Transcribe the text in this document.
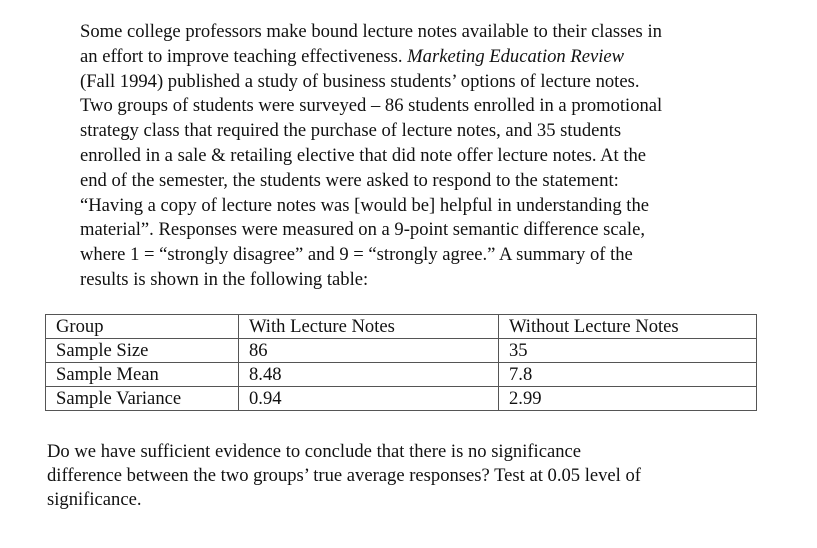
Some college professors make bound lecture notes available to their classes in
an effort to improve teaching effectiveness. Marketing Education Review
(Fall 1994) published a study of business students’ options of lecture notes.
Two groups of students were surveyed – 86 students enrolled in a promotional
strategy class that required the purchase of lecture notes, and 35 students
enrolled in a sale & retailing elective that did note offer lecture notes. At the
end of the semester, the students were asked to respond to the statement:
“Having a copy of lecture notes was [would be] helpful in understanding the
material”. Responses were measured on a 9-point semantic difference scale,
where 1 = “strongly disagree” and 9 = “strongly agree.” A summary of the
results is shown in the following table:
Group	With Lecture Notes	Without Lecture Notes
Sample Size	86	35
Sample Mean	8.48	7.8
Sample Variance	0.94	2.99
Do we have sufficient evidence to conclude that there is no significance
difference between the two groups’ true average responses? Test at 0.05 level of
significance.
